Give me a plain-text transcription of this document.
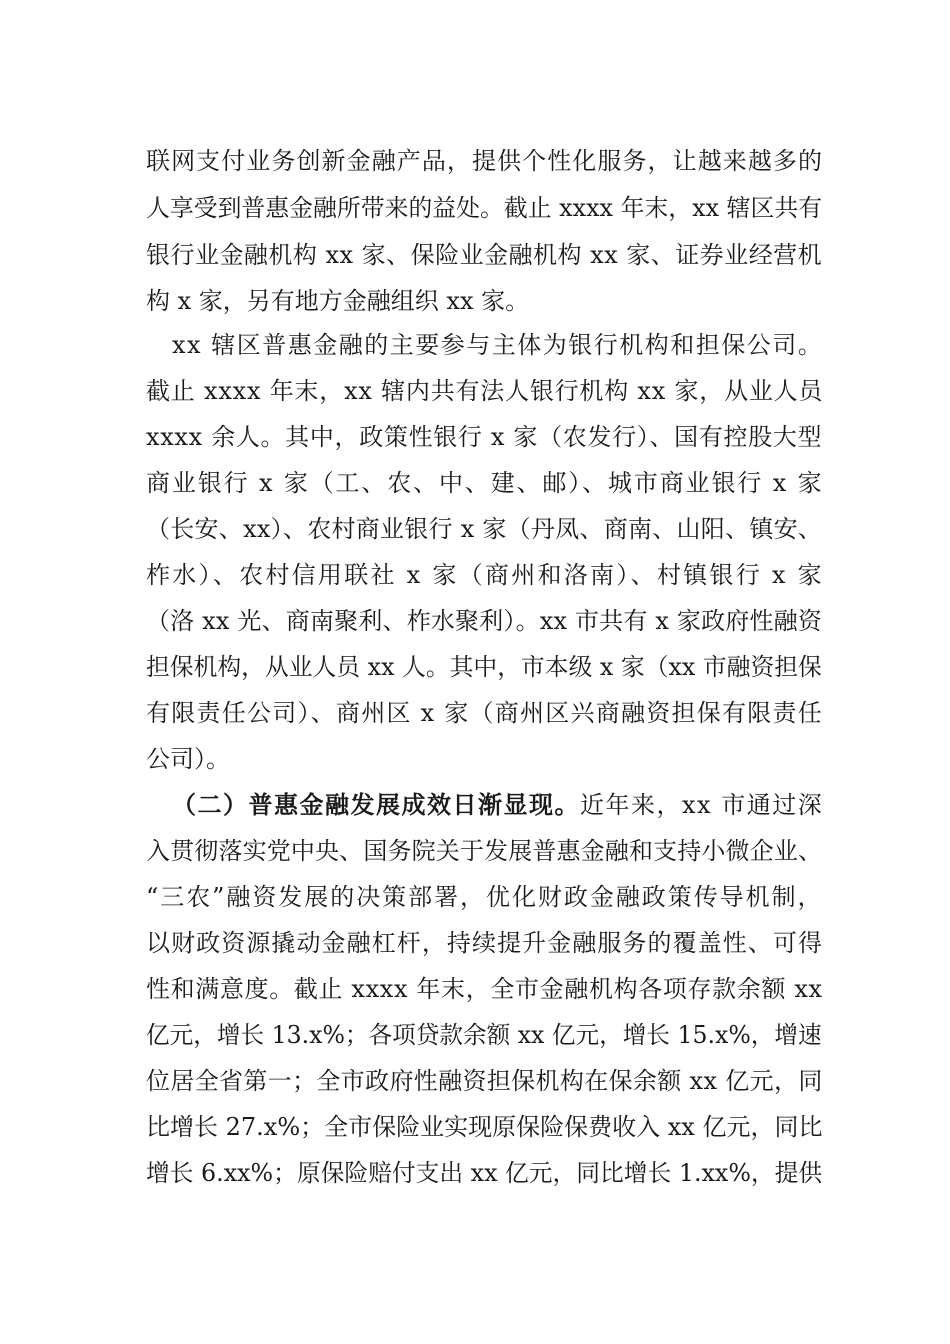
联网支付业务创新金融产品，提供个性化服务，让越来越多的

人享受到普惠金融所带来的益处。截止 xxxx 年末，xx 辖区共有

银行业金融机构 xx 家、保险业金融机构 xx 家、证券业经营机

构 x 家，另有地方金融组织 xx 家。

xx 辖区普惠金融的主要参与主体为银行机构和担保公司。

截止 xxxx 年末，xx 辖内共有法人银行机构 xx 家，从业人员

xxxx 余人。其中，政策性银行 x 家（农发行）、国有控股大型

商业银行 x 家（工、农、中、建、邮）、城市商业银行 x 家

（长安、xx）、农村商业银行 x 家（丹凤、商南、山阳、镇安、

柞水）、农村信用联社 x 家（商州和洛南）、村镇银行 x 家

（洛 xx 光、商南聚利、柞水聚利）。xx 市共有 x 家政府性融资

担保机构，从业人员 xx 人。其中，市本级 x 家（xx 市融资担保

有限责任公司）、商州区 x 家（商州区兴商融资担保有限责任

公司）。

（二）普惠金融发展成效日渐显现。近年来，xx 市通过深

入贯彻落实党中央、国务院关于发展普惠金融和支持小微企业、

“三农”融资发展的决策部署，优化财政金融政策传导机制，

以财政资源撬动金融杠杆，持续提升金融服务的覆盖性、可得

性和满意度。截止 xxxx 年末，全市金融机构各项存款余额 xx

亿元，增长 13.x%；各项贷款余额 xx 亿元，增长 15.x%，增速

位居全省第一；全市政府性融资担保机构在保余额 xx 亿元，同

比增长 27.x%；全市保险业实现原保险保费收入 xx 亿元，同比

增长 6.xx%；原保险赔付支出 xx 亿元，同比增长 1.xx%，提供
